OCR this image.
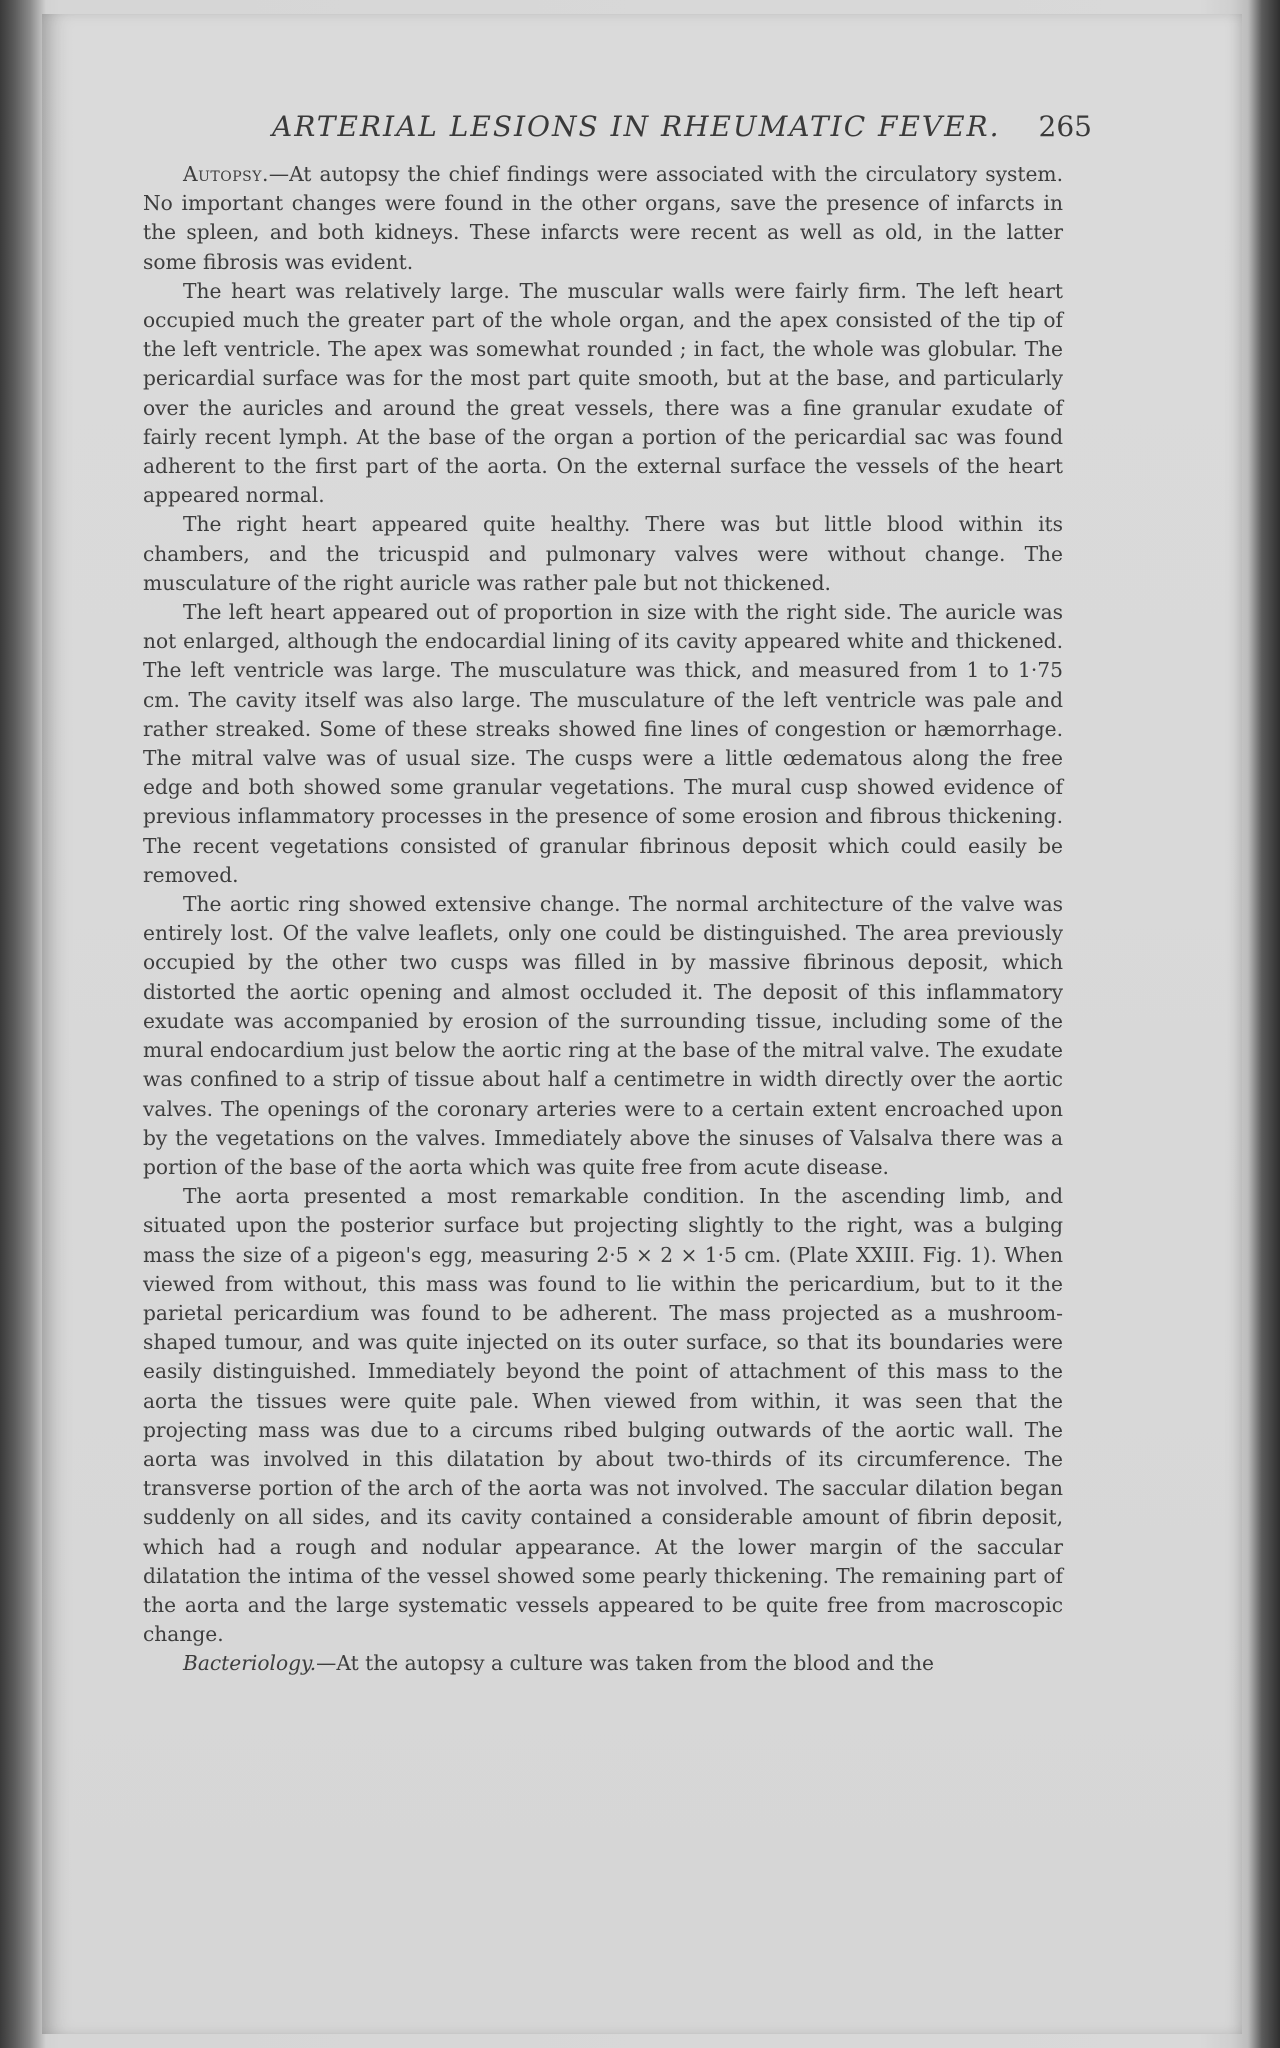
ARTERIAL LESIONS IN RHEUMATIC FEVER. 265

Autopsy.—At autopsy the chief findings were associated with the circulatory system. No important changes were found in the other organs, save the presence of infarcts in the spleen, and both kidneys. These infarcts were recent as well as old, in the latter some fibrosis was evident.

The heart was relatively large. The muscular walls were fairly firm. The left heart occupied much the greater part of the whole organ, and the apex consisted of the tip of the left ventricle. The apex was somewhat rounded ; in fact, the whole was globular. The pericardial surface was for the most part quite smooth, but at the base, and particularly over the auricles and around the great vessels, there was a fine granular exudate of fairly recent lymph. At the base of the organ a portion of the pericardial sac was found adherent to the first part of the aorta. On the external surface the vessels of the heart appeared normal.

The right heart appeared quite healthy. There was but little blood within its chambers, and the tricuspid and pulmonary valves were without change. The musculature of the right auricle was rather pale but not thickened.

The left heart appeared out of proportion in size with the right side. The auricle was not enlarged, although the endocardial lining of its cavity appeared white and thickened. The left ventricle was large. The musculature was thick, and measured from 1 to 1·75 cm. The cavity itself was also large. The musculature of the left ventricle was pale and rather streaked. Some of these streaks showed fine lines of congestion or hæmorrhage. The mitral valve was of usual size. The cusps were a little œdematous along the free edge and both showed some granular vegetations. The mural cusp showed evidence of previous inflammatory processes in the presence of some erosion and fibrous thickening. The recent vegetations consisted of granular fibrinous deposit which could easily be removed.

The aortic ring showed extensive change. The normal architecture of the valve was entirely lost. Of the valve leaflets, only one could be distinguished. The area previously occupied by the other two cusps was filled in by massive fibrinous deposit, which distorted the aortic opening and almost occluded it. The deposit of this inflammatory exudate was accompanied by erosion of the surrounding tissue, including some of the mural endocardium just below the aortic ring at the base of the mitral valve. The exudate was confined to a strip of tissue about half a centimetre in width directly over the aortic valves. The openings of the coronary arteries were to a certain extent encroached upon by the vegetations on the valves. Immediately above the sinuses of Valsalva there was a portion of the base of the aorta which was quite free from acute disease.

The aorta presented a most remarkable condition. In the ascending limb, and situated upon the posterior surface but projecting slightly to the right, was a bulging mass the size of a pigeon's egg, measuring 2·5 × 2 × 1·5 cm. (Plate XXIII. Fig. 1). When viewed from without, this mass was found to lie within the pericardium, but to it the parietal pericardium was found to be adherent. The mass projected as a mushroom-shaped tumour, and was quite injected on its outer surface, so that its boundaries were easily distinguished. Immediately beyond the point of attachment of this mass to the aorta the tissues were quite pale. When viewed from within, it was seen that the projecting mass was due to a circums ribed bulging outwards of the aortic wall. The aorta was involved in this dilatation by about two-thirds of its circumference. The transverse portion of the arch of the aorta was not involved. The saccular dilation began suddenly on all sides, and its cavity contained a considerable amount of fibrin deposit, which had a rough and nodular appearance. At the lower margin of the saccular dilatation the intima of the vessel showed some pearly thickening. The remaining part of the aorta and the large systematic vessels appeared to be quite free from macroscopic change.

Bacteriology.—At the autopsy a culture was taken from the blood and the
